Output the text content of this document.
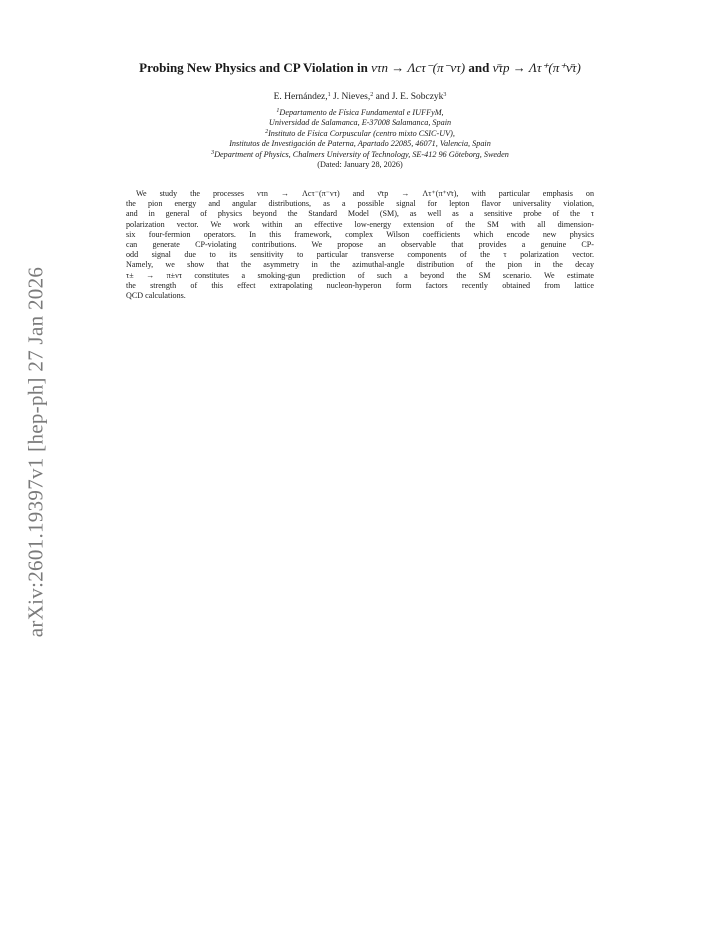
arXiv:2601.19397v1 [hep-ph] 27 Jan 2026
Probing New Physics and CP Violation in ντn → Λcτ⁻(π⁻ντ) and ν̄τp → Λτ⁺(π⁺ν̄τ)
E. Hernández,$^1$ J. Nieves,$^2$ and J. E. Sobczyk$^3$
$^1$Departamento de Física Fundamental e IUFFyM,
Universidad de Salamanca, E-37008 Salamanca, Spain
$^2$Instituto de Física Corpuscular (centro mixto CSIC-UV),
Institutos de Investigación de Paterna, Apartado 22085, 46071, Valencia, Spain
$^3$Department of Physics, Chalmers University of Technology, SE-412 96 Göteborg, Sweden
(Dated: January 28, 2026)
We study the processes ντn → Λcτ⁻(π⁻ντ) and ν̄τp → Λτ⁺(π⁺ν̄τ), with particular emphasis on
the pion energy and angular distributions, as a possible signal for lepton flavor universality violation,
and in general of physics beyond the Standard Model (SM), as well as a sensitive probe of the τ
polarization vector. We work within an effective low-energy extension of the SM with all dimension-
six four-fermion operators. In this framework, complex Wilson coefficients which encode new physics
can generate CP-violating contributions. We propose an observable that provides a genuine CP-
odd signal due to its sensitivity to particular transverse components of the τ polarization vector.
Namely, we show that the asymmetry in the azimuthal-angle distribution of the pion in the decay
τ± → π±ντ constitutes a smoking-gun prediction of such a beyond the SM scenario. We estimate
the strength of this effect extrapolating nucleon-hyperon form factors recently obtained from lattice
QCD calculations.
